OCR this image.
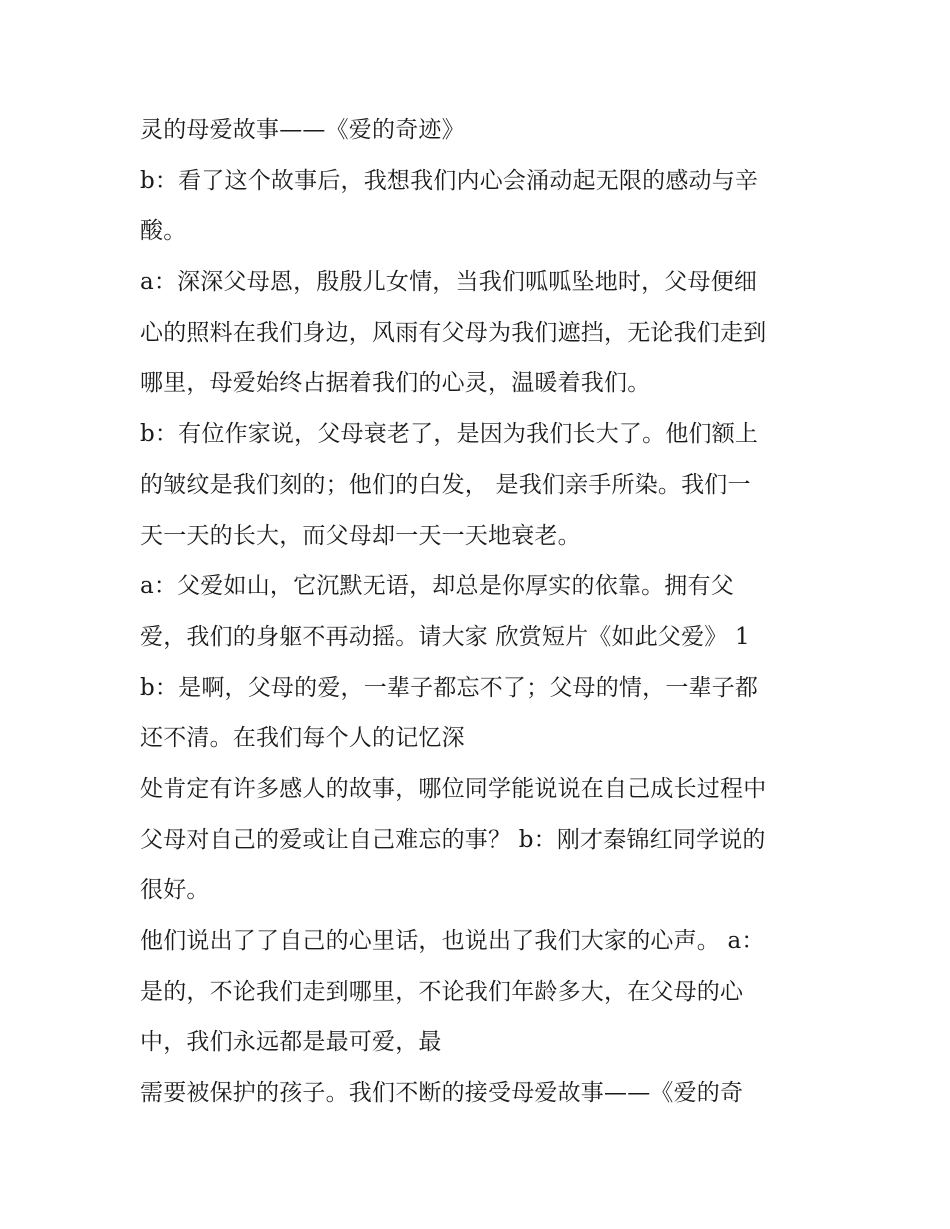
灵的母爱故事——《爱的奇迹》
b：看了这个故事后，我想我们内心会涌动起无限的感动与辛
酸。
a：深深父母恩，殷殷儿女情，当我们呱呱坠地时，父母便细
心的照料在我们身边，风雨有父母为我们遮挡，无论我们走到
哪里，母爱始终占据着我们的心灵，温暖着我们。
b：有位作家说，父母衰老了，是因为我们长大了。他们额上
的皱纹是我们刻的；他们的白发， 是我们亲手所染。我们一
天一天的长大，而父母却一天一天地衰老。
a：父爱如山，它沉默无语，却总是你厚实的依靠。拥有父
爱，我们的身躯不再动摇。请大家 欣赏短片《如此父爱》 1
b：是啊，父母的爱，一辈子都忘不了；父母的情，一辈子都
还不清。在我们每个人的记忆深
处肯定有许多感人的故事，哪位同学能说说在自己成长过程中
父母对自己的爱或让自己难忘的事？ b：刚才秦锦红同学说的
很好。
他们说出了了自己的心里话，也说出了我们大家的心声。 a：
是的，不论我们走到哪里，不论我们年龄多大，在父母的心
中，我们永远都是最可爱，最
需要被保护的孩子。我们不断的接受母爱故事——《爱的奇
